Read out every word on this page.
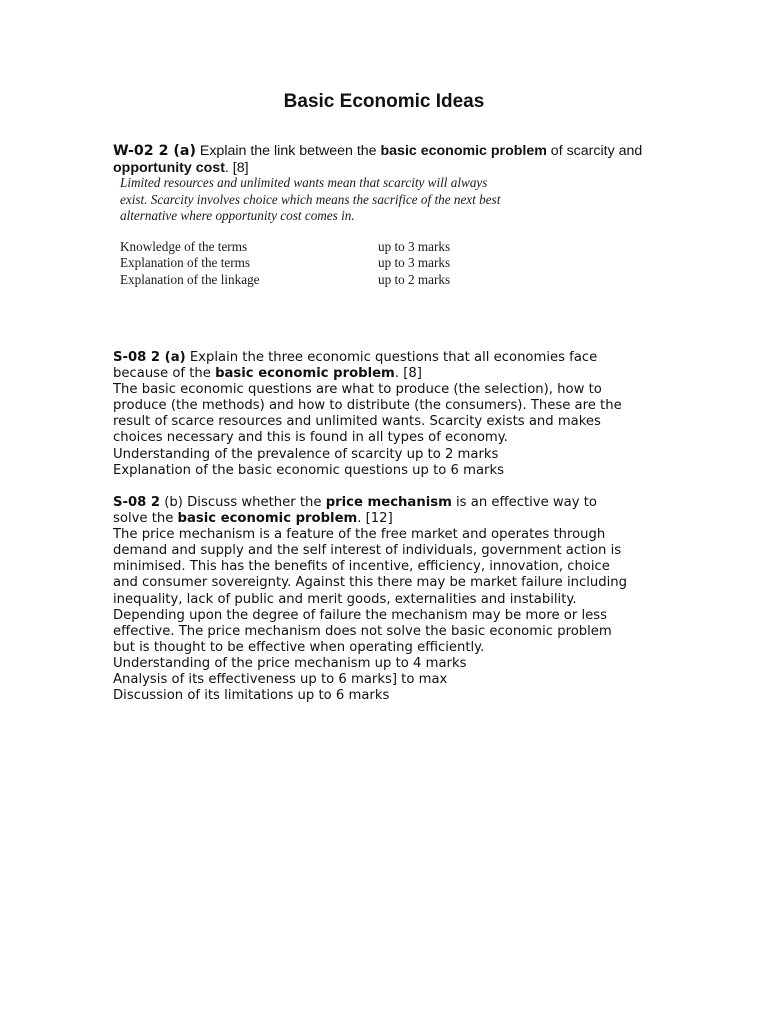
Basic Economic Ideas
W-02 2 (a) Explain the link between the basic economic problem of scarcity and
opportunity cost. [8]
Limited resources and unlimited wants mean that scarcity will always
exist. Scarcity involves choice which means the sacrifice of the next best
alternative where opportunity cost comes in.
Knowledge of the terms	up to 3 marks
Explanation of the terms	up to 3 marks
Explanation of the linkage	up to 2 marks

S-08 2 (a) Explain the three economic questions that all economies face

because of the basic economic problem. [8]

The basic economic questions are what to produce (the selection), how to

produce (the methods) and how to distribute (the consumers). These are the

result of scarce resources and unlimited wants. Scarcity exists and makes

choices necessary and this is found in all types of economy.

Understanding of the prevalence of scarcity up to 2 marks

Explanation of the basic economic questions up to 6 marks

S-08 2 (b) Discuss whether the price mechanism is an effective way to

solve the basic economic problem. [12]

The price mechanism is a feature of the free market and operates through

demand and supply and the self interest of individuals, government action is

minimised. This has the benefits of incentive, efficiency, innovation, choice

and consumer sovereignty. Against this there may be market failure including

inequality, lack of public and merit goods, externalities and instability.

Depending upon the degree of failure the mechanism may be more or less

effective. The price mechanism does not solve the basic economic problem

but is thought to be effective when operating efficiently.

Understanding of the price mechanism up to 4 marks

Analysis of its effectiveness up to 6 marks] to max

Discussion of its limitations up to 6 marks
